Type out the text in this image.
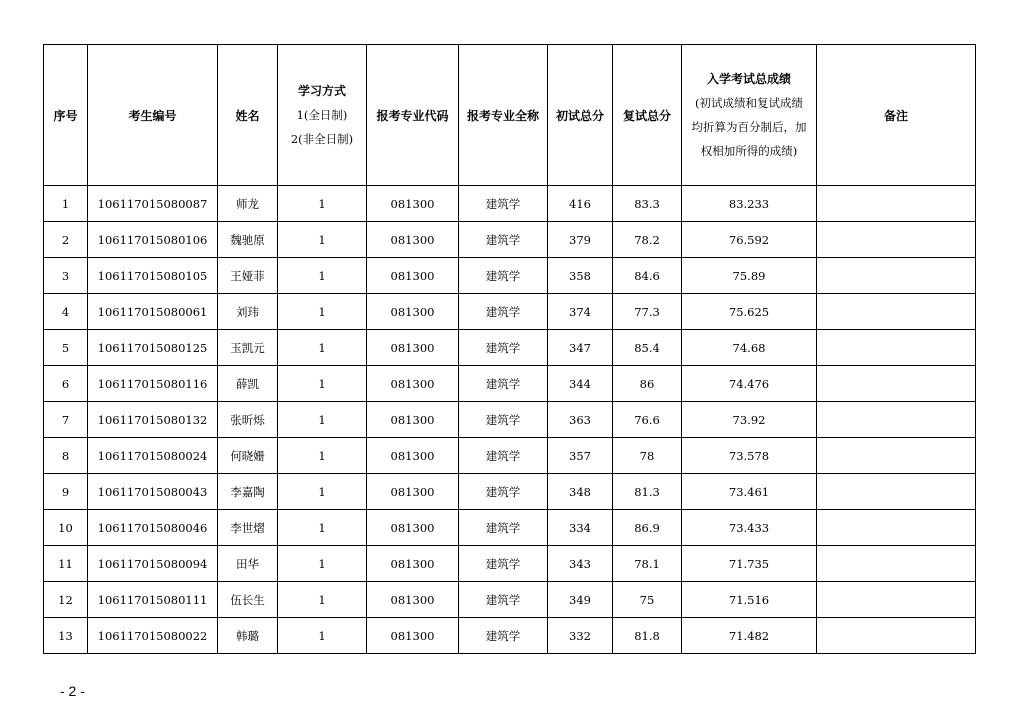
序号	考生编号	姓名	学习方式
1(全日制)
2(非全日制)	报考专业代码	报考专业全称	初试总分	复试总分	入学考试总成绩
(初试成绩和复试成绩
均折算为百分制后，加
权相加所得的成绩)	备注
1	106117015080087	师龙	1	081300	建筑学	416	83.3	83.233	
2	106117015080106	魏驰原	1	081300	建筑学	379	78.2	76.592	
3	106117015080105	王娅菲	1	081300	建筑学	358	84.6	75.89	
4	106117015080061	刘玮	1	081300	建筑学	374	77.3	75.625	
5	106117015080125	玉凯元	1	081300	建筑学	347	85.4	74.68	
6	106117015080116	薛凯	1	081300	建筑学	344	86	74.476	
7	106117015080132	张昕烁	1	081300	建筑学	363	76.6	73.92	
8	106117015080024	何晓姗	1	081300	建筑学	357	78	73.578	
9	106117015080043	李嘉陶	1	081300	建筑学	348	81.3	73.461	
10	106117015080046	李世熠	1	081300	建筑学	334	86.9	73.433	
11	106117015080094	田华	1	081300	建筑学	343	78.1	71.735	
12	106117015080111	伍长生	1	081300	建筑学	349	75	71.516	
13	106117015080022	韩璐	1	081300	建筑学	332	81.8	71.482	
- 2 -
